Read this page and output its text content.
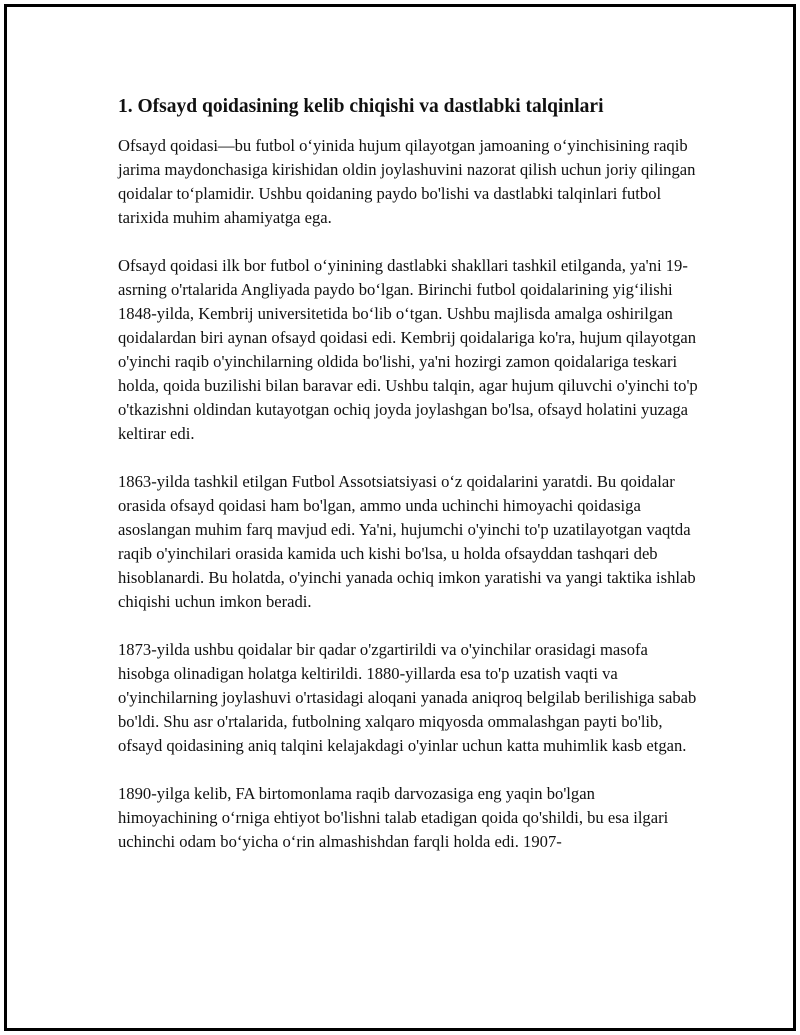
1. Ofsayd qoidasining kelib chiqishi va dastlabki talqinlari

Ofsayd qoidasi—bu futbol o‘yinida hujum qilayotgan jamoaning o‘yinchisining raqib jarima maydonchasiga kirishidan oldin joylashuvini nazorat qilish uchun joriy qilingan qoidalar to‘plamidir. Ushbu qoidaning paydo bo'lishi va dastlabki talqinlari futbol tarixida muhim ahamiyatga ega.

Ofsayd qoidasi ilk bor futbol o‘yinining dastlabki shakllari tashkil etilganda, ya'ni 19-asrning o'rtalarida Angliyada paydo bo‘lgan. Birinchi futbol qoidalarining yig‘ilishi 1848-yilda, Kembrij universitetida bo‘lib o‘tgan. Ushbu majlisda amalga oshirilgan qoidalardan biri aynan ofsayd qoidasi edi. Kembrij qoidalariga ko'ra, hujum qilayotgan o'yinchi raqib o'yinchilarning oldida bo'lishi, ya'ni hozirgi zamon qoidalariga teskari holda, qoida buzilishi bilan baravar edi. Ushbu talqin, agar hujum qiluvchi o'yinchi to'p o'tkazishni oldindan kutayotgan ochiq joyda joylashgan bo'lsa, ofsayd holatini yuzaga keltirar edi.

1863-yilda tashkil etilgan Futbol Assotsiatsiyasi o‘z qoidalarini yaratdi. Bu qoidalar orasida ofsayd qoidasi ham bo'lgan, ammo unda uchinchi himoyachi qoidasiga asoslangan muhim farq mavjud edi. Ya'ni, hujumchi o'yinchi to'p uzatilayotgan vaqtda raqib o'yinchilari orasida kamida uch kishi bo'lsa, u holda ofsayddan tashqari deb hisoblanardi. Bu holatda, o'yinchi yanada ochiq imkon yaratishi va yangi taktika ishlab chiqishi uchun imkon beradi.

1873-yilda ushbu qoidalar bir qadar o'zgartirildi va o'yinchilar orasidagi masofa hisobga olinadigan holatga keltirildi. 1880-yillarda esa to'p uzatish vaqti va o'yinchilarning joylashuvi o'rtasidagi aloqani yanada aniqroq belgilab berilishiga sabab bo'ldi. Shu asr o'rtalarida, futbolning xalqaro miqyosda ommalashgan payti bo'lib, ofsayd qoidasining aniq talqini kelajakdagi o'yinlar uchun katta muhimlik kasb etgan.

1890-yilga kelib, FA birtomonlama raqib darvozasiga eng yaqin bo'lgan himoyachining o‘rniga ehtiyot bo'lishni talab etadigan qoida qo'shildi, bu esa ilgari uchinchi odam bo‘yicha o‘rin almashishdan farqli holda edi. 1907-
